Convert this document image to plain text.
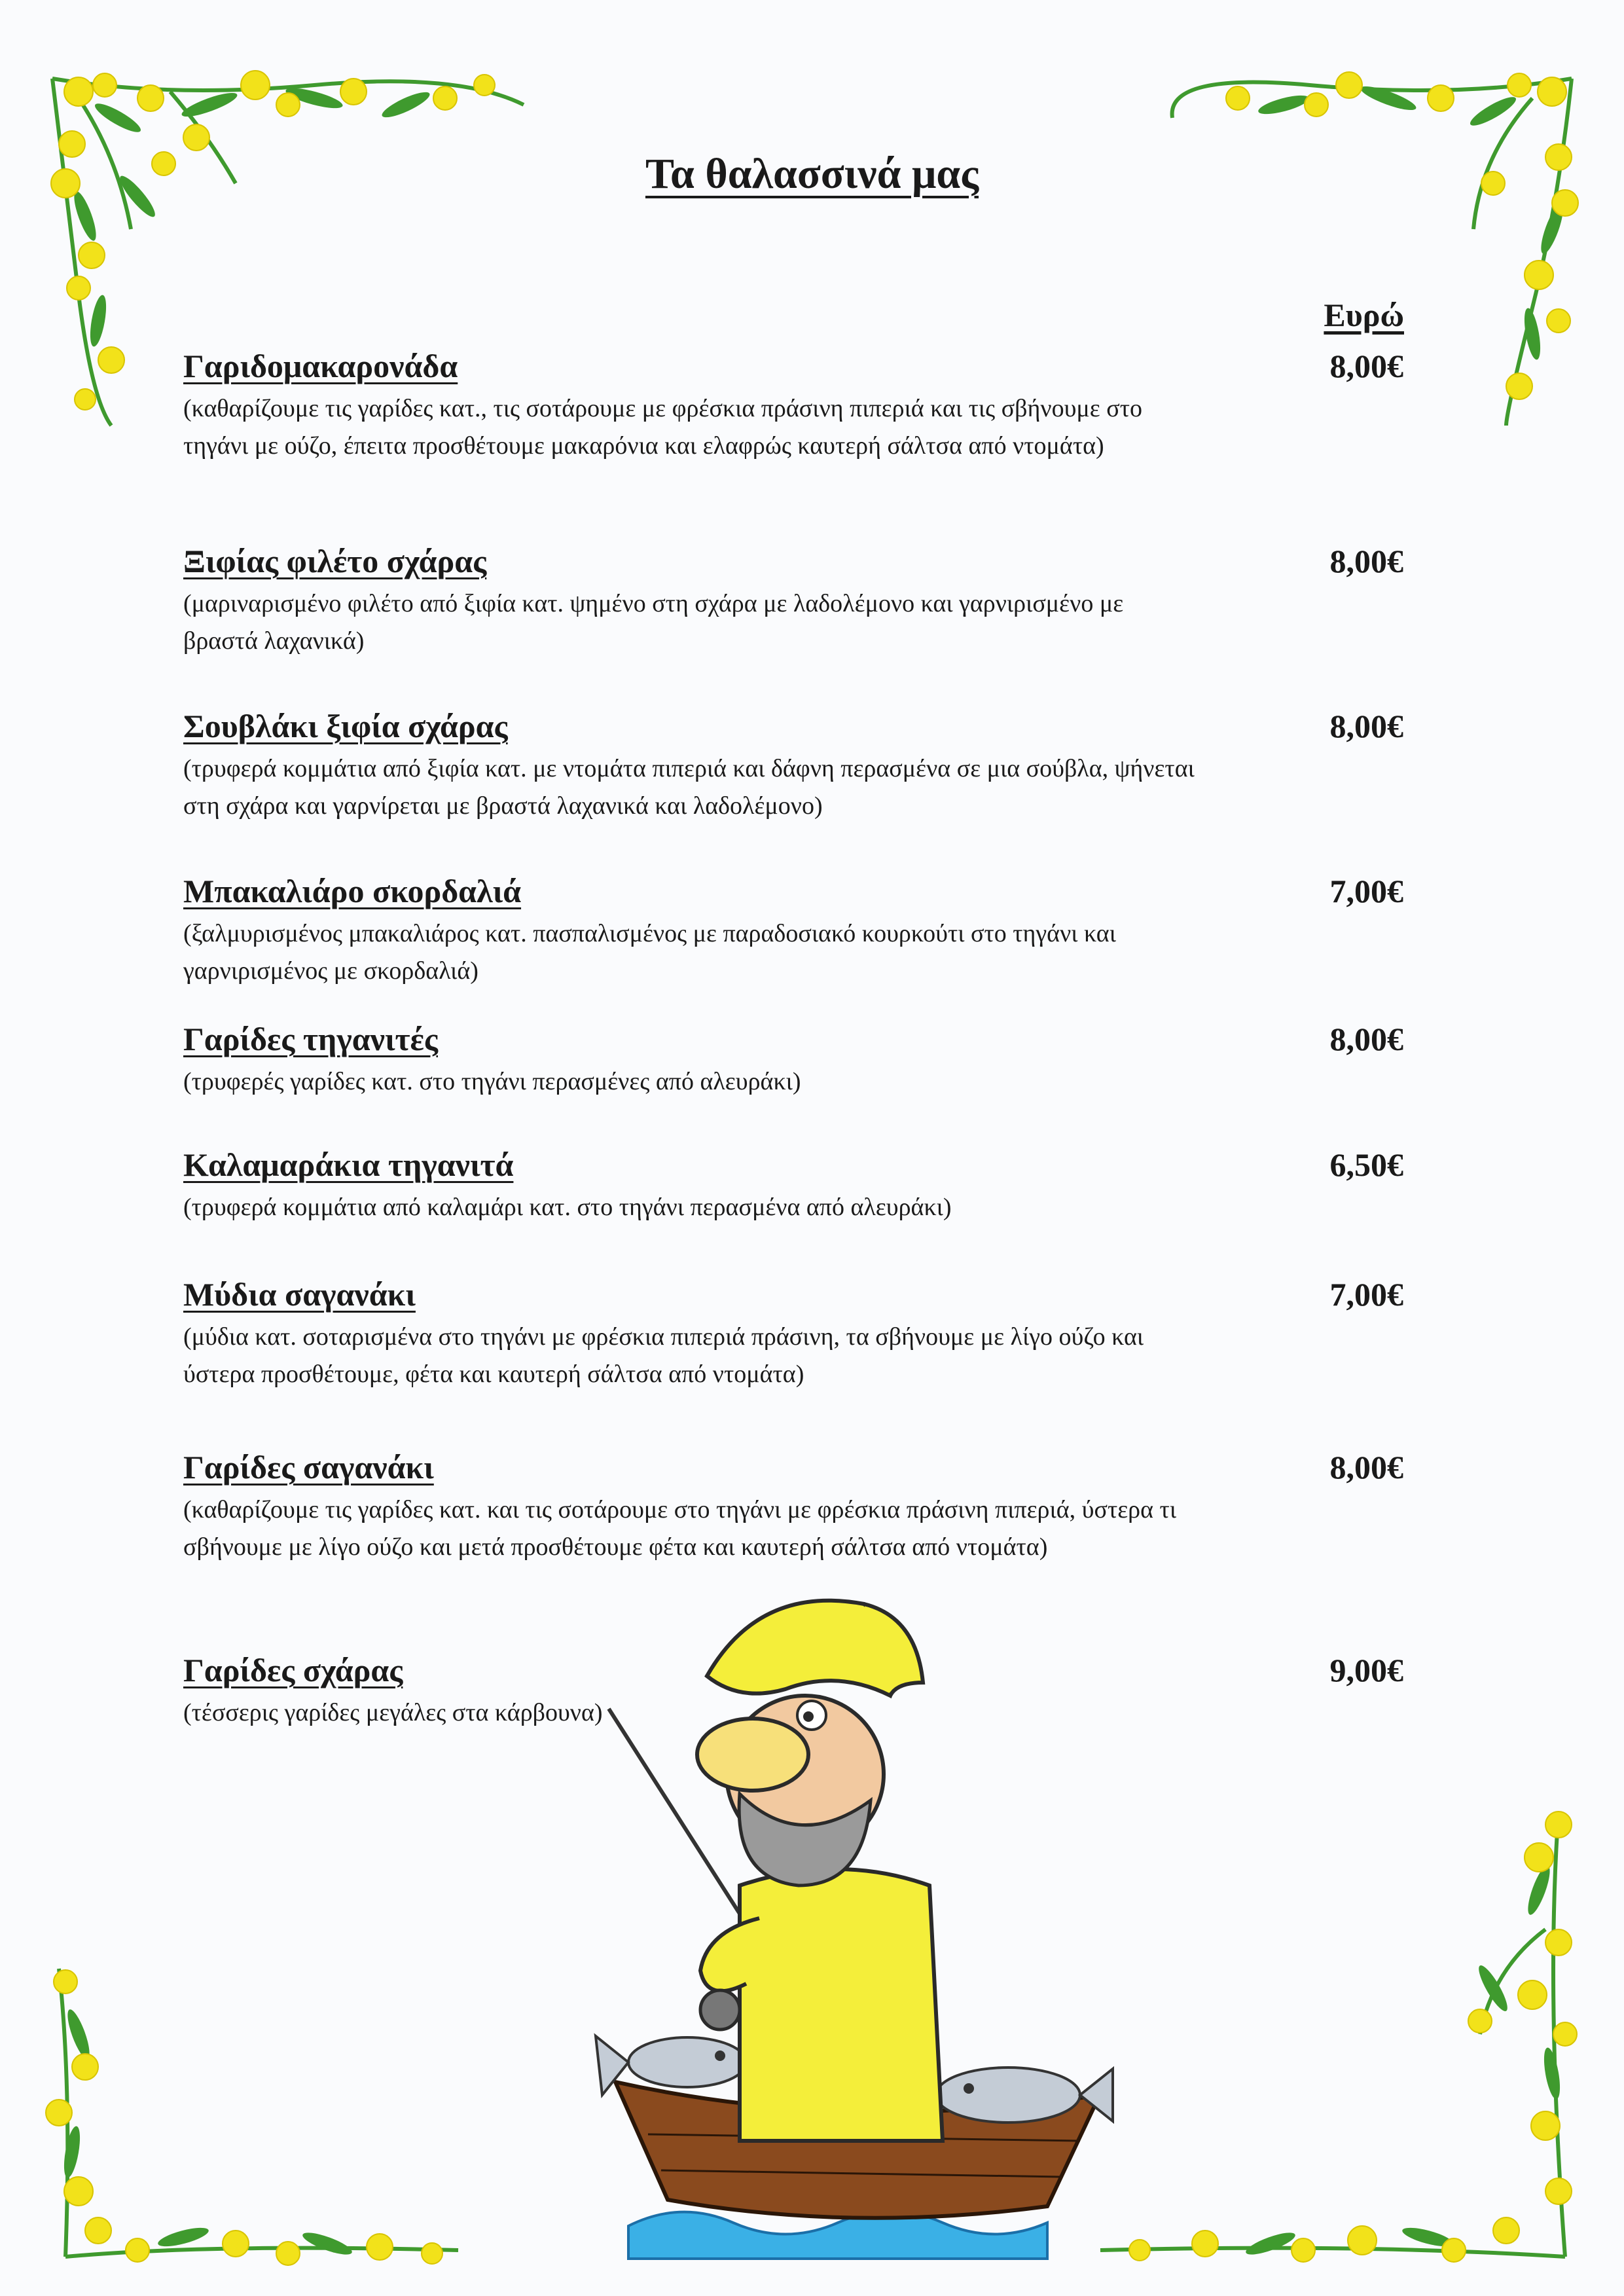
Τα θαλασσινά μας
Ευρώ
Γαριδομακαρονάδα	8,00€
(καθαρίζουμε τις γαρίδες κατ., τις σοτάρουμε με φρέσκια πράσινη πιπεριά και τις σβήνουμε στο τηγάνι με ούζο, έπειτα προσθέτουμε μακαρόνια και ελαφρώς καυτερή σάλτσα από ντομάτα)
Ξιφίας φιλέτο σχάρας	8,00€
(μαριναρισμένο φιλέτο από ξιφία κατ. ψημένο στη σχάρα με λαδολέμονο και γαρνιρισμένο με βραστά λαχανικά)
Σουβλάκι ξιφία σχάρας	8,00€
(τρυφερά κομμάτια από ξιφία κατ. με ντομάτα πιπεριά και δάφνη περασμένα σε μια σούβλα, ψήνεται στη σχάρα και γαρνίρεται με βραστά λαχανικά και λαδολέμονο)
Μπακαλιάρο σκορδαλιά	7,00€
(ξαλμυρισμένος μπακαλιάρος κατ. πασπαλισμένος με παραδοσιακό κουρκούτι στο τηγάνι και γαρνιρισμένος με σκορδαλιά)
Γαρίδες τηγανιτές	8,00€
(τρυφερές γαρίδες κατ. στο τηγάνι περασμένες από αλευράκι)
Καλαμαράκια τηγανιτά	6,50€
(τρυφερά κομμάτια από καλαμάρι κατ. στο τηγάνι περασμένα από αλευράκι)
Μύδια σαγανάκι	7,00€
(μύδια κατ. σοταρισμένα στο τηγάνι με φρέσκια πιπεριά πράσινη, τα σβήνουμε με λίγο ούζο και ύστερα προσθέτουμε, φέτα και καυτερή σάλτσα από ντομάτα)
Γαρίδες σαγανάκι	8,00€
(καθαρίζουμε τις γαρίδες κατ. και τις σοτάρουμε στο τηγάνι με φρέσκια πράσινη πιπεριά, ύστερα τι σβήνουμε με λίγο ούζο και μετά προσθέτουμε φέτα και καυτερή σάλτσα από ντομάτα)
Γαρίδες σχάρας	9,00€
(τέσσερις γαρίδες μεγάλες στα κάρβουνα)
